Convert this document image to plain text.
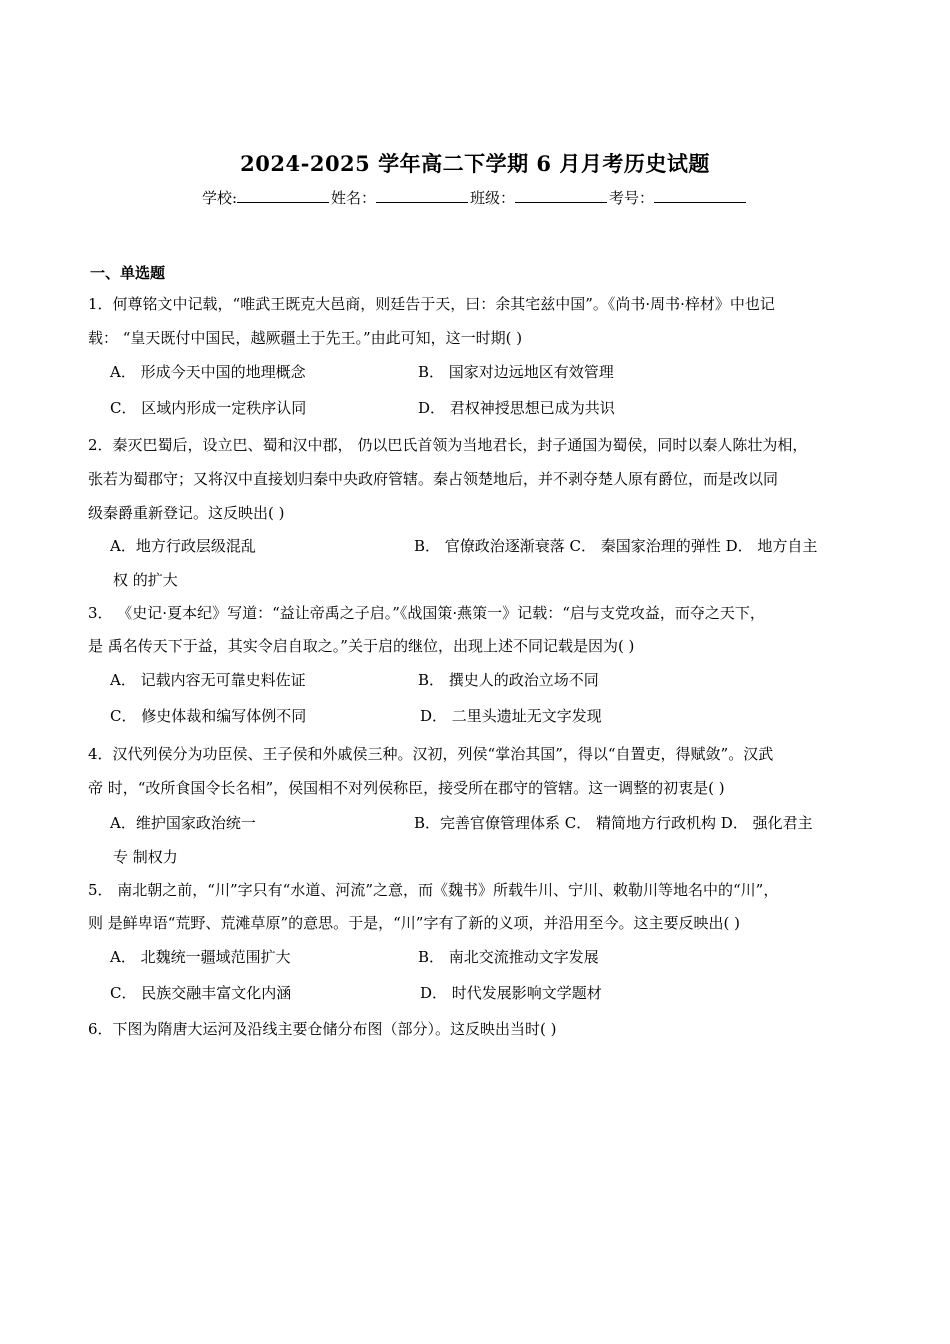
2024-2025 学年高二下学期 6 月月考历史试题
学校:	姓名：	班级：	考号：
一、单选题
1．何尊铭文中记载，“唯武王既克大邑商，则廷告于天，曰：余其宅兹中国”。《尚书·周书·梓材》中也记
载： “皇天既付中国民，越厥疆土于先王。”由此可知，这一时期( )
A． 形成今天中国的地理概念	B． 国家对边远地区有效管理
C． 区域内形成一定秩序认同	D． 君权神授思想已成为共识
2．秦灭巴蜀后，设立巴、蜀和汉中郡， 仍以巴氏首领为当地君长，封子通国为蜀侯，同时以秦人陈壮为相，
张若为蜀郡守；又将汉中直接划归秦中央政府管辖。秦占领楚地后，并不剥夺楚人原有爵位，而是改以同
级秦爵重新登记。这反映出( )
A．地方行政层级混乱	B． 官僚政治逐渐衰落 C． 秦国家治理的弹性 D． 地方自主
权 的扩大
3． 《史记·夏本纪》写道：“益让帝禹之子启。”《战国策·燕策一》记载：“启与支党攻益，而夺之天下，
是 禹名传天下于益，其实令启自取之。”关于启的继位，出现上述不同记载是因为( )
A． 记载内容无可靠史料佐证	B． 撰史人的政治立场不同
C． 修史体裁和编写体例不同	D． 二里头遗址无文字发现
4．汉代列侯分为功臣侯、王子侯和外戚侯三种。汉初，列侯“掌治其国”，得以“自置吏，得赋敛”。汉武
帝 时，“改所食国令长名相”，侯国相不对列侯称臣，接受所在郡守的管辖。这一调整的初衷是( )
A．维护国家政治统一	B．完善官僚管理体系 C． 精简地方行政机构 D． 强化君主
专 制权力
5． 南北朝之前，“川”字只有“水道、河流”之意，而《魏书》所载牛川、宁川、敕勒川等地名中的“川”，
则 是鲜卑语“荒野、荒滩草原”的意思。于是，“川”字有了新的义项，并沿用至今。这主要反映出( )
A． 北魏统一疆域范围扩大	B． 南北交流推动文字发展
C． 民族交融丰富文化内涵	D． 时代发展影响文学题材
6．下图为隋唐大运河及沿线主要仓储分布图（部分）。这反映出当时( )
